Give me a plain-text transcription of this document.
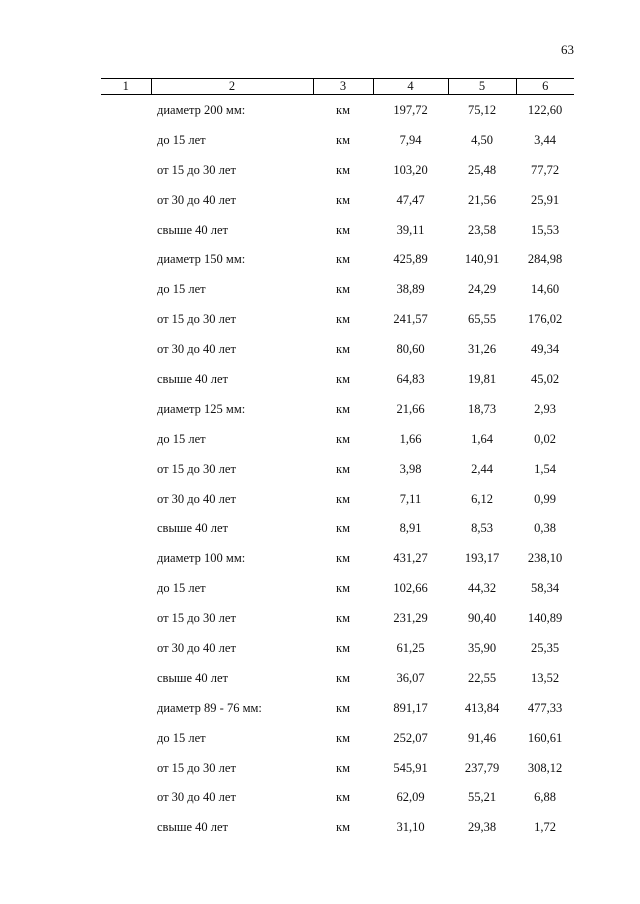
63
1	2	3	4	5	6
	диаметр 200 мм:	км	197,72	75,12	122,60
	до 15 лет	км	7,94	4,50	3,44
	от 15 до 30 лет	км	103,20	25,48	77,72
	от 30 до 40 лет	км	47,47	21,56	25,91
	свыше 40 лет	км	39,11	23,58	15,53
	диаметр 150 мм:	км	425,89	140,91	284,98
	до 15 лет	км	38,89	24,29	14,60
	от 15 до 30 лет	км	241,57	65,55	176,02
	от 30 до 40 лет	км	80,60	31,26	49,34
	свыше 40 лет	км	64,83	19,81	45,02
	диаметр 125 мм:	км	21,66	18,73	2,93
	до 15 лет	км	1,66	1,64	0,02
	от 15 до 30 лет	км	3,98	2,44	1,54
	от 30 до 40 лет	км	7,11	6,12	0,99
	свыше 40 лет	км	8,91	8,53	0,38
	диаметр 100 мм:	км	431,27	193,17	238,10
	до 15 лет	км	102,66	44,32	58,34
	от 15 до 30 лет	км	231,29	90,40	140,89
	от 30 до 40 лет	км	61,25	35,90	25,35
	свыше 40 лет	км	36,07	22,55	13,52
	диаметр 89 - 76 мм:	км	891,17	413,84	477,33
	до 15 лет	км	252,07	91,46	160,61
	от 15 до 30 лет	км	545,91	237,79	308,12
	от 30 до 40 лет	км	62,09	55,21	6,88
	свыше 40 лет	км	31,10	29,38	1,72
